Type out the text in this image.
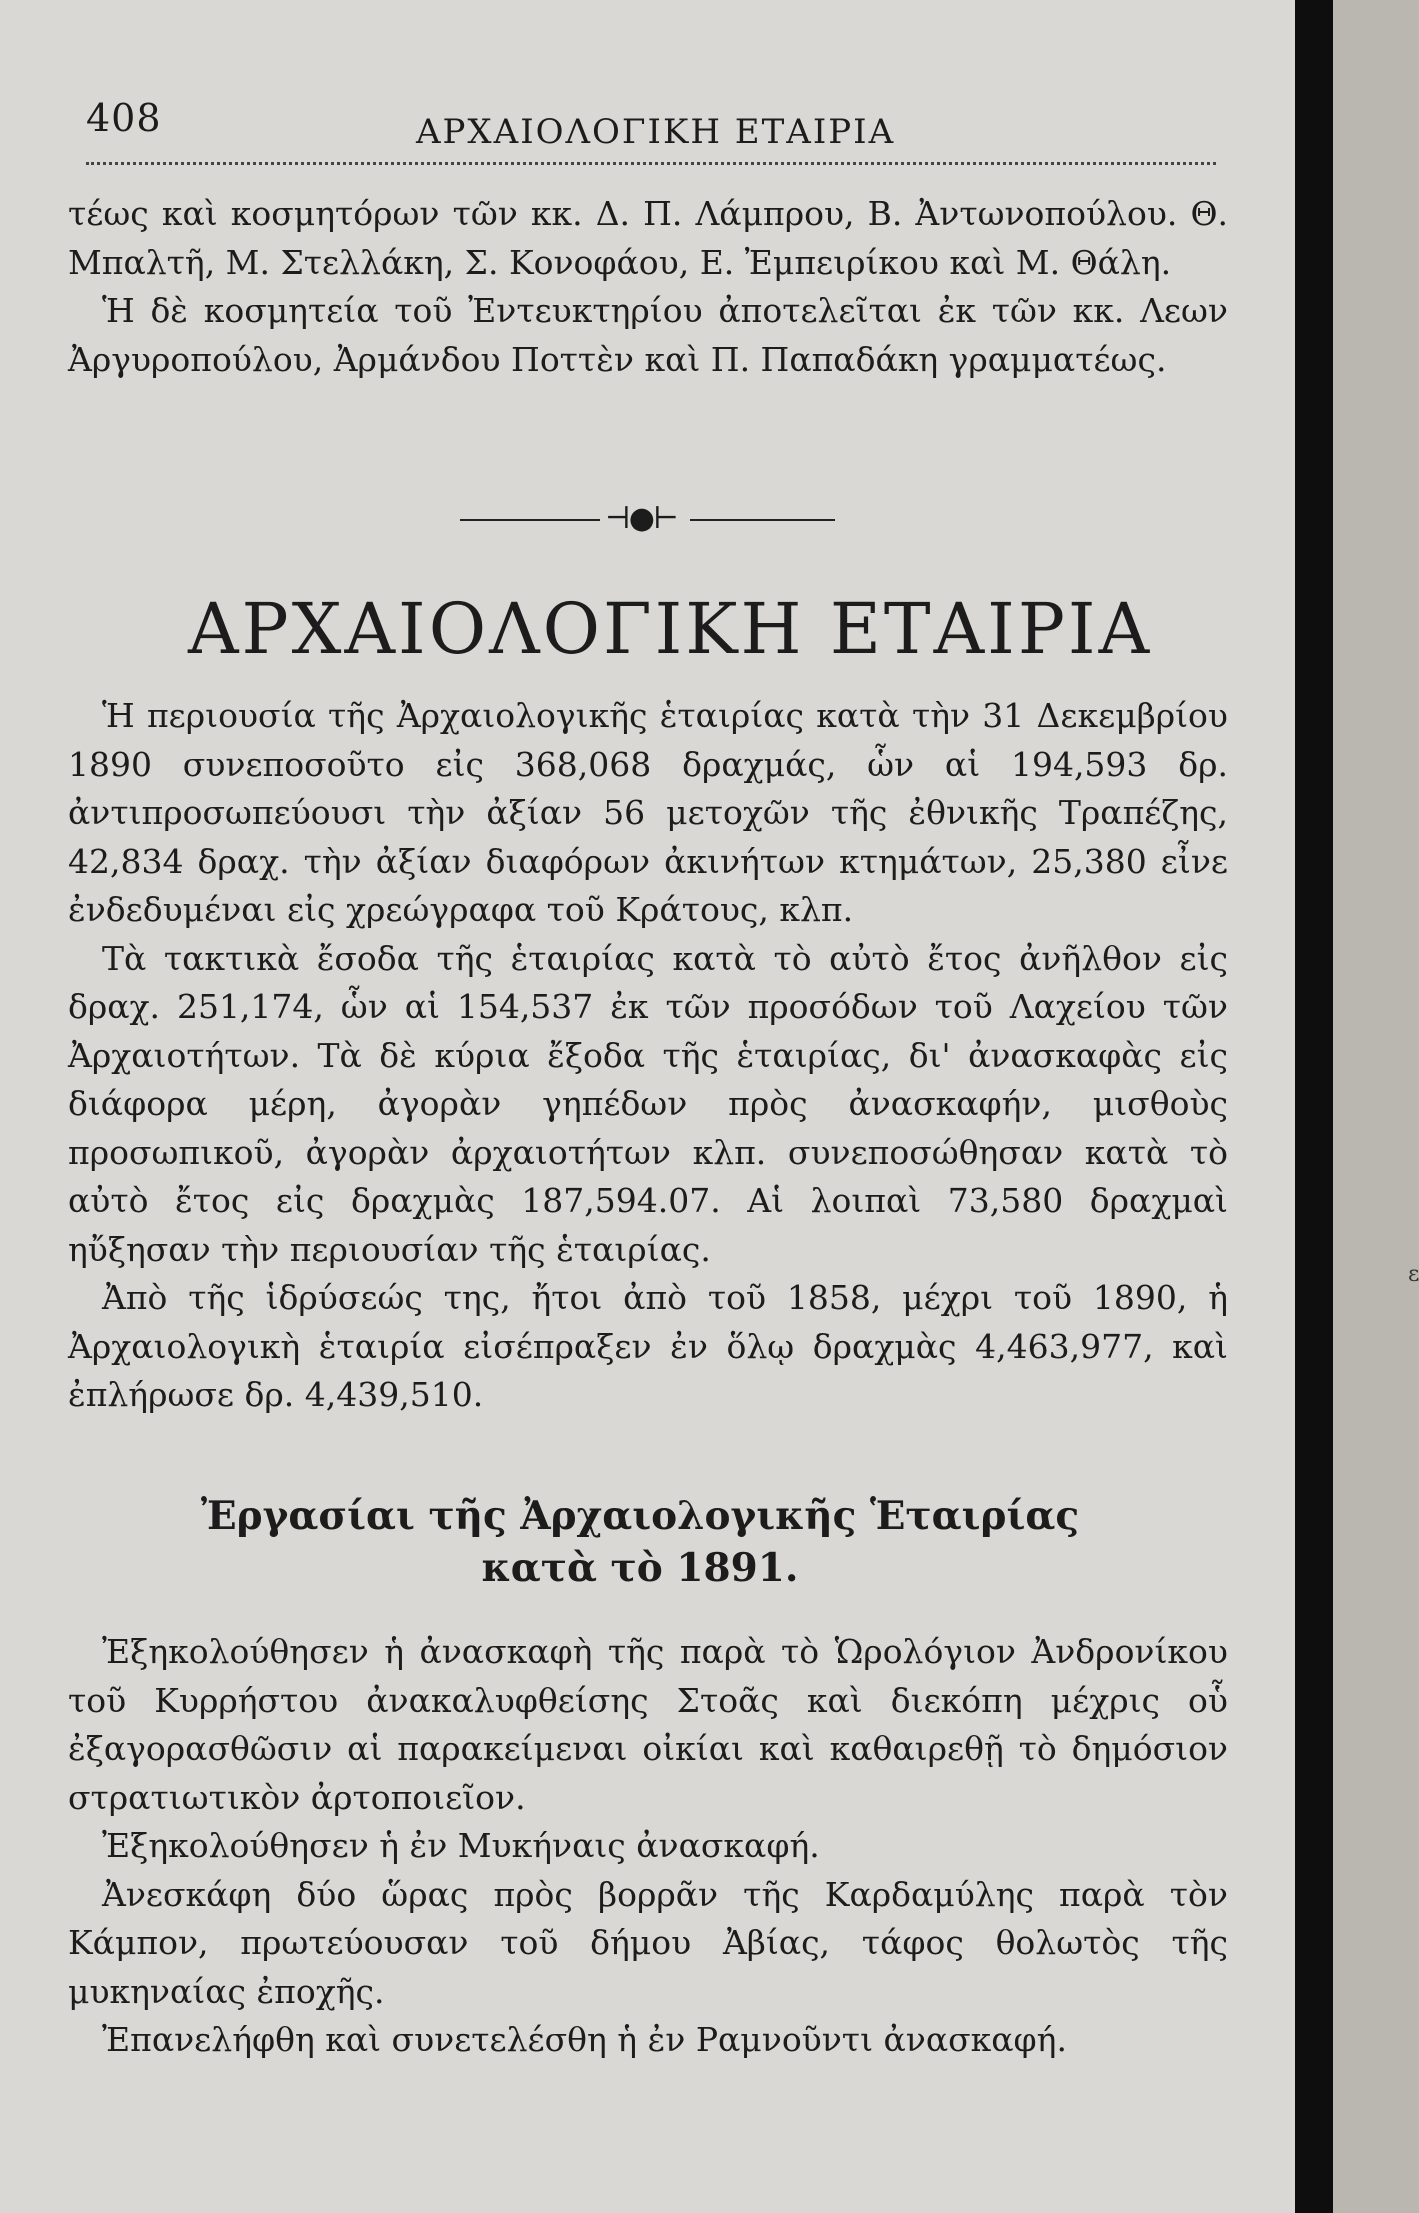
408	ΑΡΧΑΙΟΛΟΓΙΚΗ ΕΤΑΙΡΙΑ

τέως καὶ κοσμητόρων τῶν κκ. Δ. Π. Λάμπρου, Β. Ἀντωνοπούλου. Θ. Μπαλτῆ, Μ. Στελλάκη, Σ. Κονοφάου, Ε. Ἐμπειρίκου καὶ Μ. Θάλη.

Ἡ δὲ κοσμητεία τοῦ Ἐντευκτηρίου ἀποτελεῖται ἐκ τῶν κκ. Λεων Ἀργυροπούλου, Ἀρμάνδου Ποττὲν καὶ Π. Παπαδάκη γραμματέως.

⊣●⊢
ΑΡΧΑΙΟΛΟΓΙΚΗ ΕΤΑΙΡΙΑ

Ἡ περιουσία τῆς Ἀρχαιολογικῆς ἑταιρίας κατὰ τὴν 31 Δεκεμβρίου 1890 συνεποσοῦτο εἰς 368,068 δραχμάς, ὧν αἱ 194,593 δρ. ἀντιπροσωπεύουσι τὴν ἀξίαν 56 μετοχῶν τῆς ἐθνικῆς Τραπέζης, 42,834 δραχ. τὴν ἀξίαν διαφόρων ἀκινήτων κτημάτων, 25,380 εἶνε ἐνδεδυμέναι εἰς χρεώγραφα τοῦ Κράτους, κλπ.

Τὰ τακτικὰ ἔσοδα τῆς ἑταιρίας κατὰ τὸ αὐτὸ ἔτος ἀνῆλθον εἰς δραχ. 251,174, ὧν αἱ 154,537 ἐκ τῶν προσόδων τοῦ Λαχείου τῶν Ἀρχαιοτήτων. Τὰ δὲ κύρια ἔξοδα τῆς ἑταιρίας, δι' ἀνασκαφὰς εἰς διάφορα μέρη, ἀγορὰν γηπέδων πρὸς ἀνασκαφήν, μισθοὺς προσωπικοῦ, ἀγορὰν ἀρχαιοτήτων κλπ. συνεποσώθησαν κατὰ τὸ αὐτὸ ἔτος εἰς δραχμὰς 187,594.07. Αἱ λοιπαὶ 73,580 δραχμαὶ ηὔξησαν τὴν περιουσίαν τῆς ἑταιρίας.

Ἀπὸ τῆς ἱδρύσεώς της, ἤτοι ἀπὸ τοῦ 1858, μέχρι τοῦ 1890, ἡ Ἀρχαιολογικὴ ἑταιρία εἰσέπραξεν ἐν ὅλῳ δραχμὰς 4,463,977, καὶ ἐπλήρωσε δρ. 4,439,510.

Ἐργασίαι τῆς Ἀρχαιολογικῆς Ἑταιρίας
κατὰ τὸ 1891.

Ἐξηκολούθησεν ἡ ἀνασκαφὴ τῆς παρὰ τὸ Ὡρολόγιον Ἀνδρονίκου τοῦ Κυρρήστου ἀνακαλυφθείσης Στοᾶς καὶ διεκόπη μέχρις οὗ ἐξαγορασθῶσιν αἱ παρακείμεναι οἰκίαι καὶ καθαιρεθῇ τὸ δημόσιον στρατιωτικὸν ἀρτοποιεῖον.

Ἐξηκολούθησεν ἡ ἐν Μυκήναις ἀνασκαφή.

Ἀνεσκάφη δύο ὥρας πρὸς βορρᾶν τῆς Καρδαμύλης παρὰ τὸν Κάμπον, πρωτεύουσαν τοῦ δήμου Ἀβίας, τάφος θολωτὸς τῆς μυκηναίας ἐποχῆς.

Ἐπανελήφθη καὶ συνετελέσθη ἡ ἐν Ραμνοῦντι ἀνασκαφή.

ε
